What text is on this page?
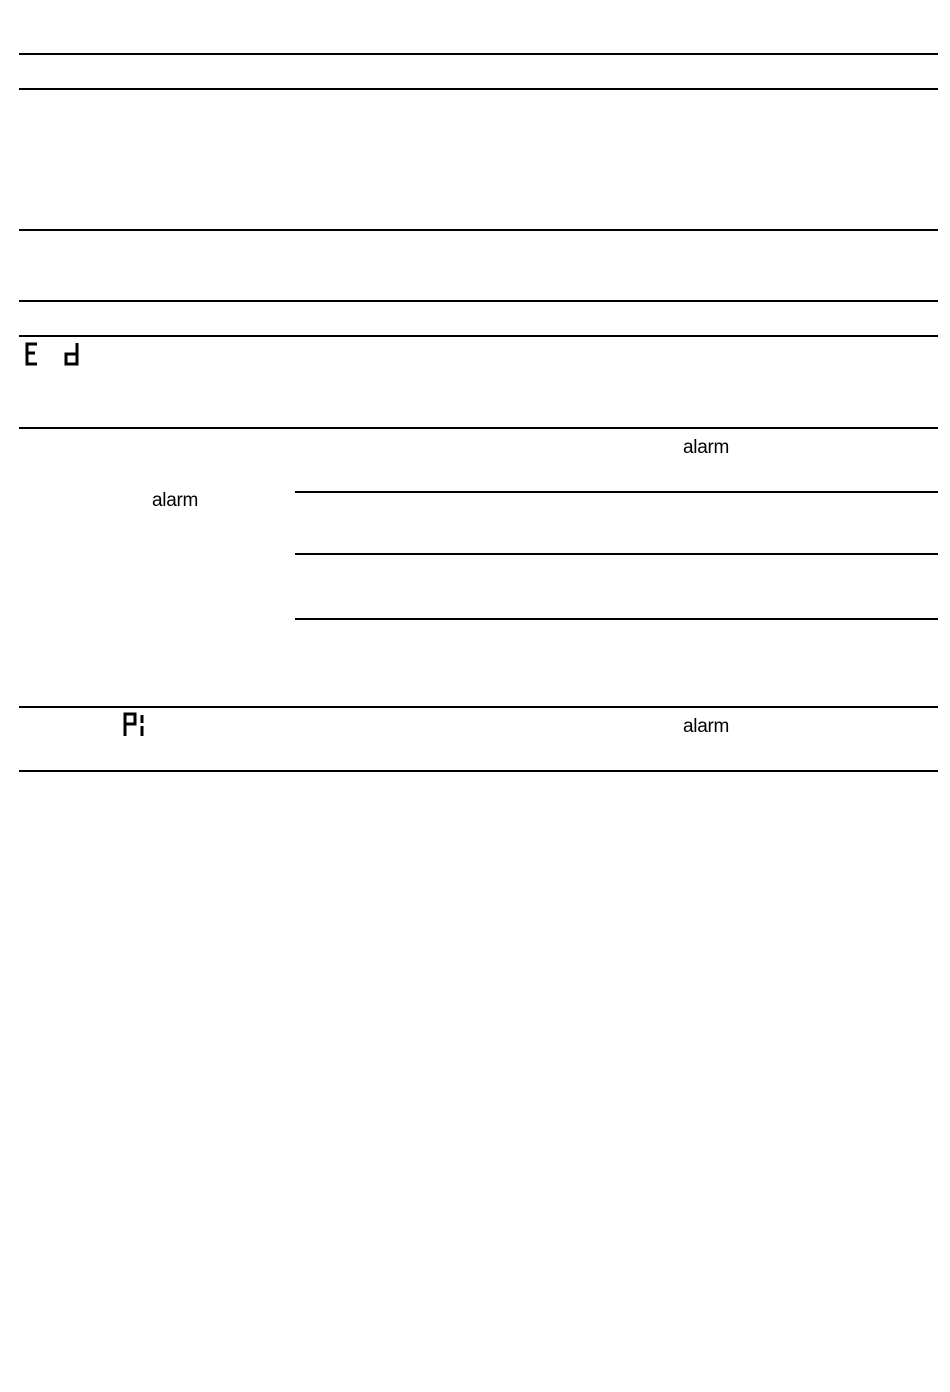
alarm
alarm
alarm
